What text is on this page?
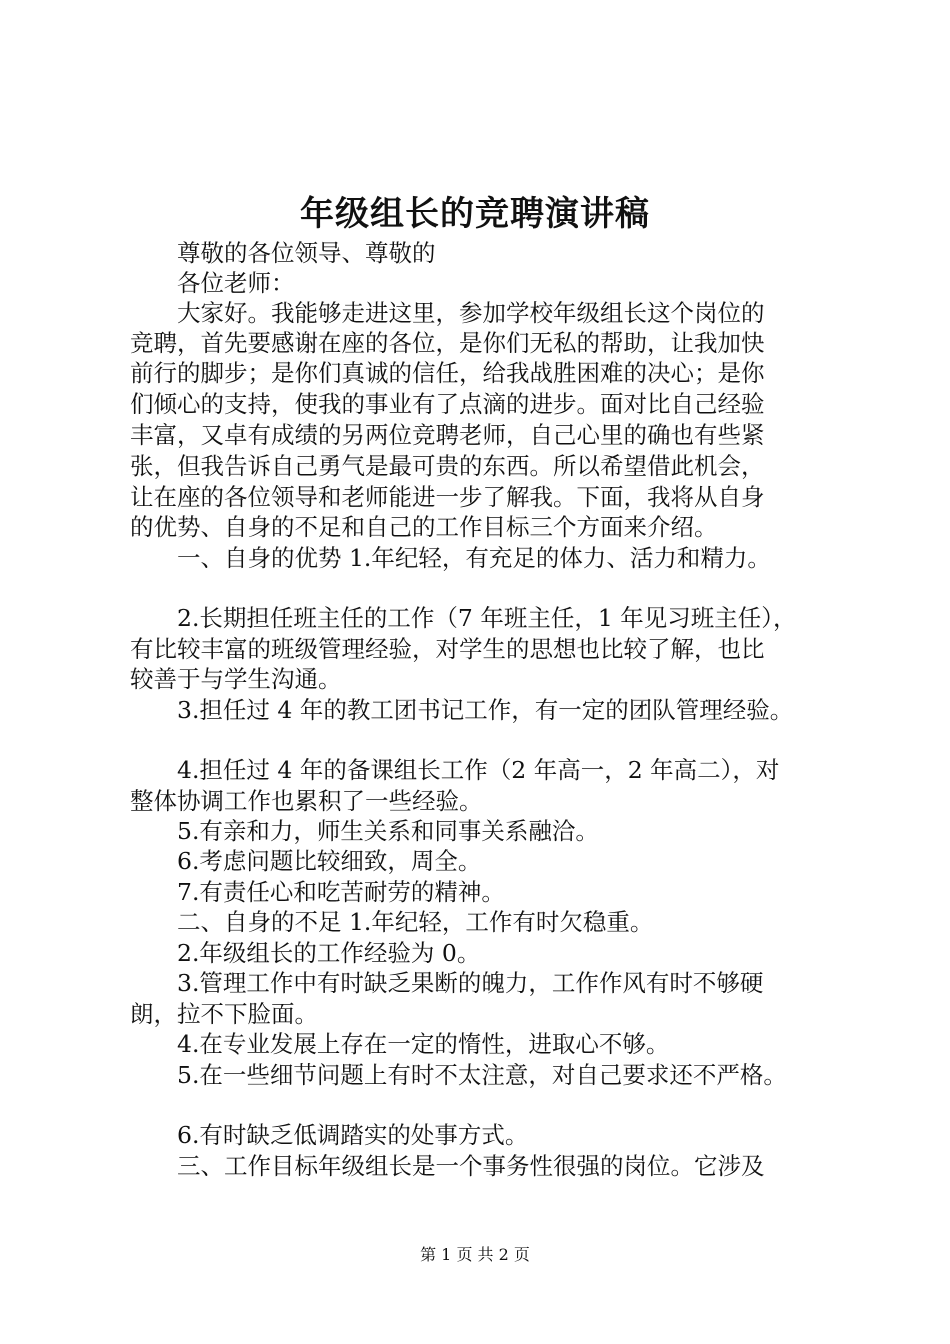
年级组长的竞聘演讲稿
　　尊敬的各位领导、尊敬的
　　各位老师：
　　大家好。我能够走进这里，参加学校年级组长这个岗位的
竞聘，首先要感谢在座的各位，是你们无私的帮助，让我加快
前行的脚步；是你们真诚的信任，给我战胜困难的决心；是你
们倾心的支持，使我的事业有了点滴的进步。面对比自己经验
丰富，又卓有成绩的另两位竞聘老师，自己心里的确也有些紧
张，但我告诉自己勇气是最可贵的东西。所以希望借此机会，
让在座的各位领导和老师能进一步了解我。下面，我将从自身
的优势、自身的不足和自己的工作目标三个方面来介绍。
　　一、自身的优势 1.年纪轻，有充足的体力、活力和精力。
　　2.长期担任班主任的工作（7 年班主任，1 年见习班主任），
有比较丰富的班级管理经验，对学生的思想也比较了解，也比
较善于与学生沟通。
　　3.担任过 4 年的教工团书记工作，有一定的团队管理经验。
　　4.担任过 4 年的备课组长工作（2 年高一，2 年高二），对
整体协调工作也累积了一些经验。
　　5.有亲和力，师生关系和同事关系融洽。
　　6.考虑问题比较细致，周全。
　　7.有责任心和吃苦耐劳的精神。
　　二、自身的不足 1.年纪轻，工作有时欠稳重。
　　2.年级组长的工作经验为 0。
　　3.管理工作中有时缺乏果断的魄力，工作作风有时不够硬
朗，拉不下脸面。
　　4.在专业发展上存在一定的惰性，进取心不够。
　　5.在一些细节问题上有时不太注意，对自己要求还不严格。
　　6.有时缺乏低调踏实的处事方式。
　　三、工作目标年级组长是一个事务性很强的岗位。它涉及
第 1 页 共 2 页
